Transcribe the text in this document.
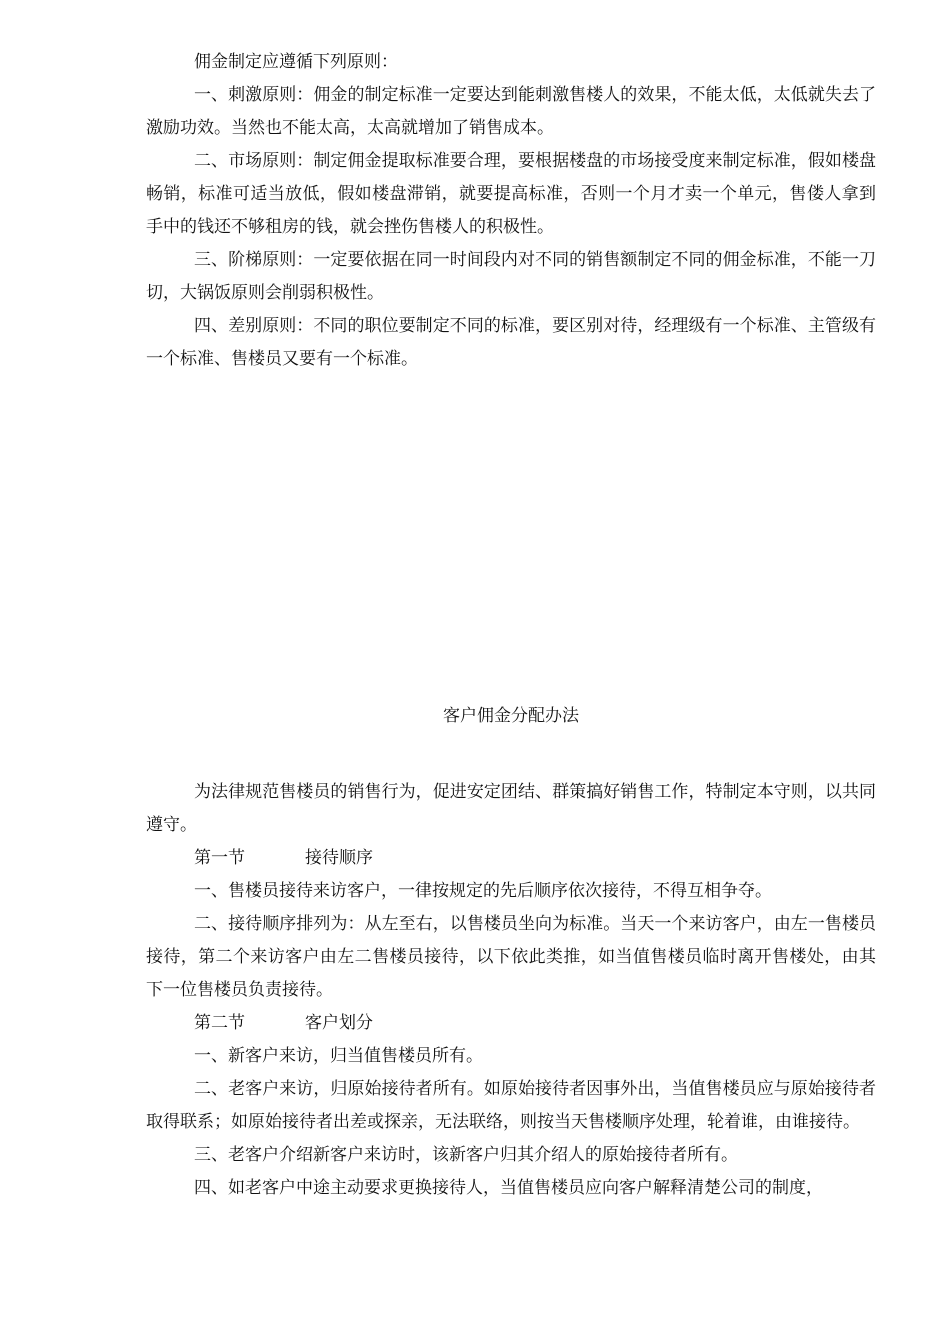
佣金制定应遵循下列原则：

一、刺激原则：佣金的制定标准一定要达到能刺激售楼人的效果，不能太低，太低就失去了激励功效。当然也不能太高，太高就增加了销售成本。

二、市场原则：制定佣金提取标准要合理，要根据楼盘的市场接受度来制定标准，假如楼盘畅销，标准可适当放低，假如楼盘滞销，就要提高标准，否则一个月才卖一个单元，售偻人拿到手中的钱还不够租房的钱，就会挫伤售楼人的积极性。

三、阶梯原则：一定要依据在同一时间段内对不同的销售额制定不同的佣金标准，不能一刀切，大锅饭原则会削弱积极性。

四、差别原则：不同的职位要制定不同的标准，要区别对待，经理级有一个标准、主管级有一个标准、售楼员又要有一个标准。

客户佣金分配办法

为法律规范售楼员的销售行为，促进安定团结、群策搞好销售工作，特制定本守则，以共同遵守。

第一节	接待顺序

一、售楼员接待来访客户，一律按规定的先后顺序依次接待，不得互相争夺。

二、接待顺序排列为：从左至右，以售楼员坐向为标准。当天一个来访客户，由左一售楼员接待，第二个来访客户由左二售楼员接待，以下依此类推，如当值售楼员临时离开售楼处，由其下一位售楼员负责接待。

第二节	客户划分

一、新客户来访，归当值售楼员所有。

二、老客户来访，归原始接待者所有。如原始接待者因事外出，当值售楼员应与原始接待者取得联系；如原始接待者出差或探亲，无法联络，则按当天售楼顺序处理，轮着谁，由谁接待。

三、老客户介绍新客户来访时，该新客户归其介绍人的原始接待者所有。

四、如老客户中途主动要求更换接待人，当值售楼员应向客户解释清楚公司的制度，
